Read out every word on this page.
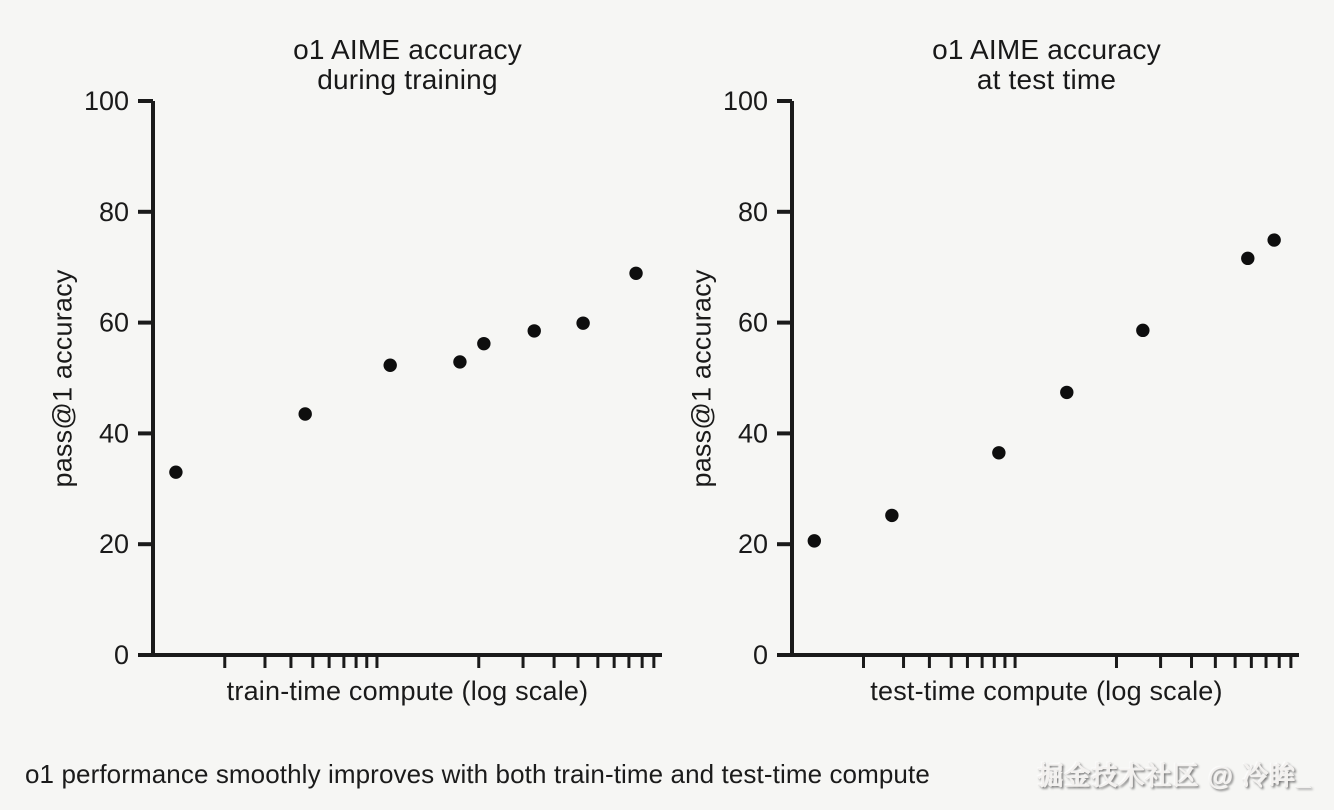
0
20
40
60
80
100
0
20
40
60
80
100
o1 AIME accuracy
during training
o1 AIME accuracy
at test time
pass@1 accuracy	pass@1 accuracy
train-time compute (log scale)	test-time compute (log scale)
o1 performance smoothly improves with both train-time and test-time compute	掘金技术社区 @ 冷眸_
